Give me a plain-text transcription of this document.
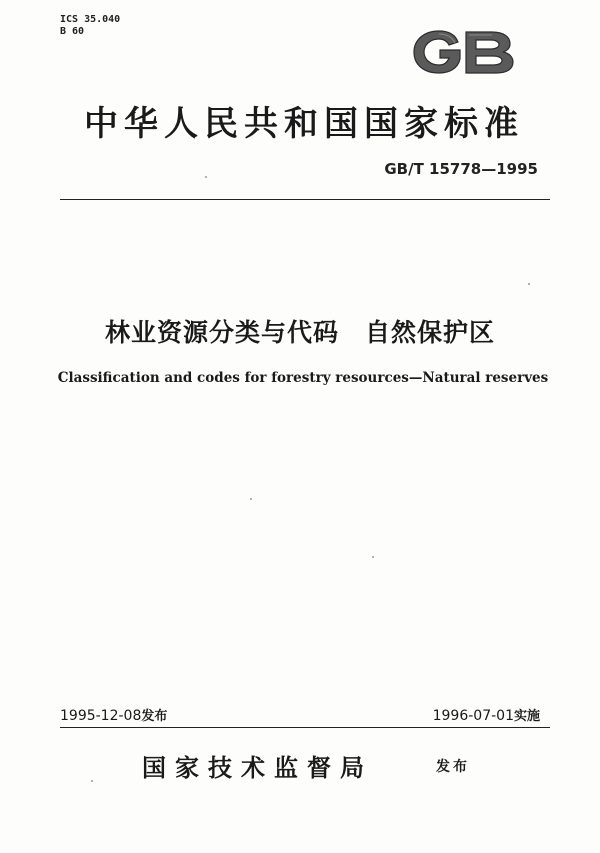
ICS 35.040
B 60
中华人民共和国国家标准
GB/T 15778—1995
林业资源分类与代码 自然保护区
Classification and codes for forestry resources—Natural reserves
1995-12-08发布	1996-07-01实施
国家技术监督局	发布
